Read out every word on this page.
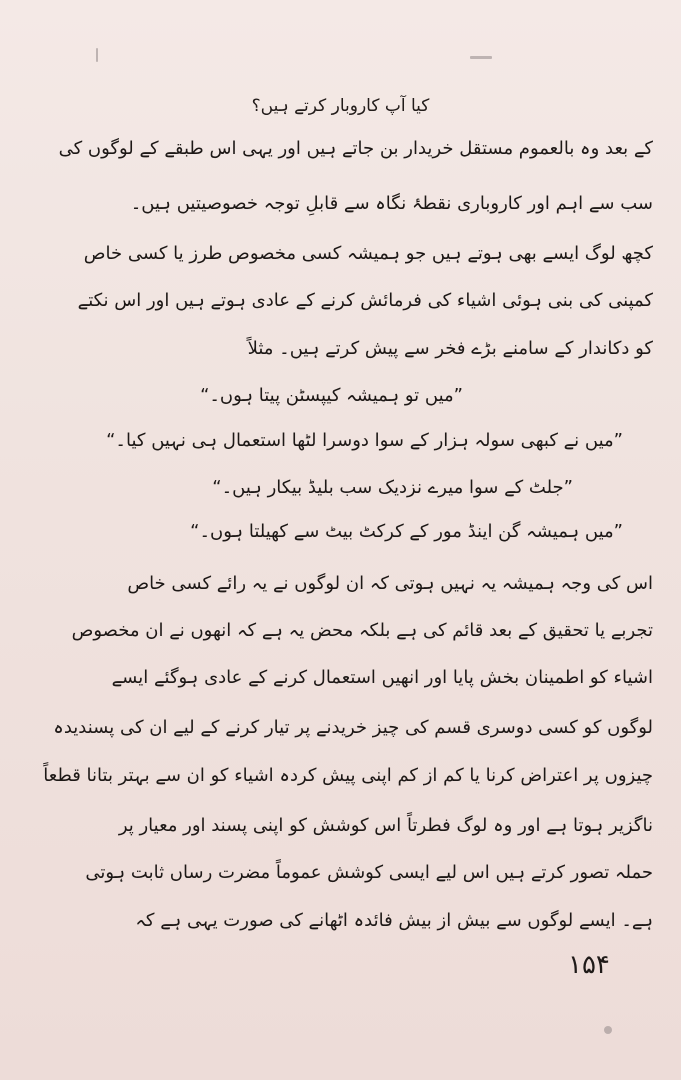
کیا آپ کاروبار کرتے ہیں؟
کے بعد وہ بالعموم مستقل خریدار بن جاتے ہیں اور یہی اس طبقے کے لوگوں کی
سب سے اہم اور کاروباری نقطۂ نگاہ سے قابلِ توجہ خصوصیتیں ہیں۔
کچھ لوگ ایسے بھی ہوتے ہیں جو ہمیشہ کسی مخصوص طرز یا کسی خاص
کمپنی کی بنی ہوئی اشیاء کی فرمائش کرنے کے عادی ہوتے ہیں اور اس نکتے
کو دکاندار کے سامنے بڑے فخر سے پیش کرتے ہیں۔ مثلاً
”میں تو ہمیشہ کیپسٹن پیتا ہوں۔“
”میں نے کبھی سولہ ہزار کے سوا دوسرا لٹھا استعمال ہی نہیں کیا۔“
”جلٹ کے سوا میرے نزدیک سب بلیڈ بیکار ہیں۔“
”میں ہمیشہ گن اینڈ مور کے کرکٹ بیٹ سے کھیلتا ہوں۔“
اس کی وجہ ہمیشہ یہ نہیں ہوتی کہ ان لوگوں نے یہ رائے کسی خاص
تجربے یا تحقیق کے بعد قائم کی ہے بلکہ محض یہ ہے کہ انھوں نے ان مخصوص
اشیاء کو اطمینان بخش پایا اور انھیں استعمال کرنے کے عادی ہوگئے ایسے
لوگوں کو کسی دوسری قسم کی چیز خریدنے پر تیار کرنے کے لیے ان کی پسندیدہ
چیزوں پر اعتراض کرنا یا کم از کم اپنی پیش کردہ اشیاء کو ان سے بہتر بتانا قطعاً
ناگزیر ہوتا ہے اور وہ لوگ فطرتاً اس کوشش کو اپنی پسند اور معیار پر
حملہ تصور کرتے ہیں اس لیے ایسی کوشش عموماً مضرت رساں ثابت ہوتی
ہے۔ ایسے لوگوں سے بیش از بیش فائدہ اٹھانے کی صورت یہی ہے کہ
۱۵۴
